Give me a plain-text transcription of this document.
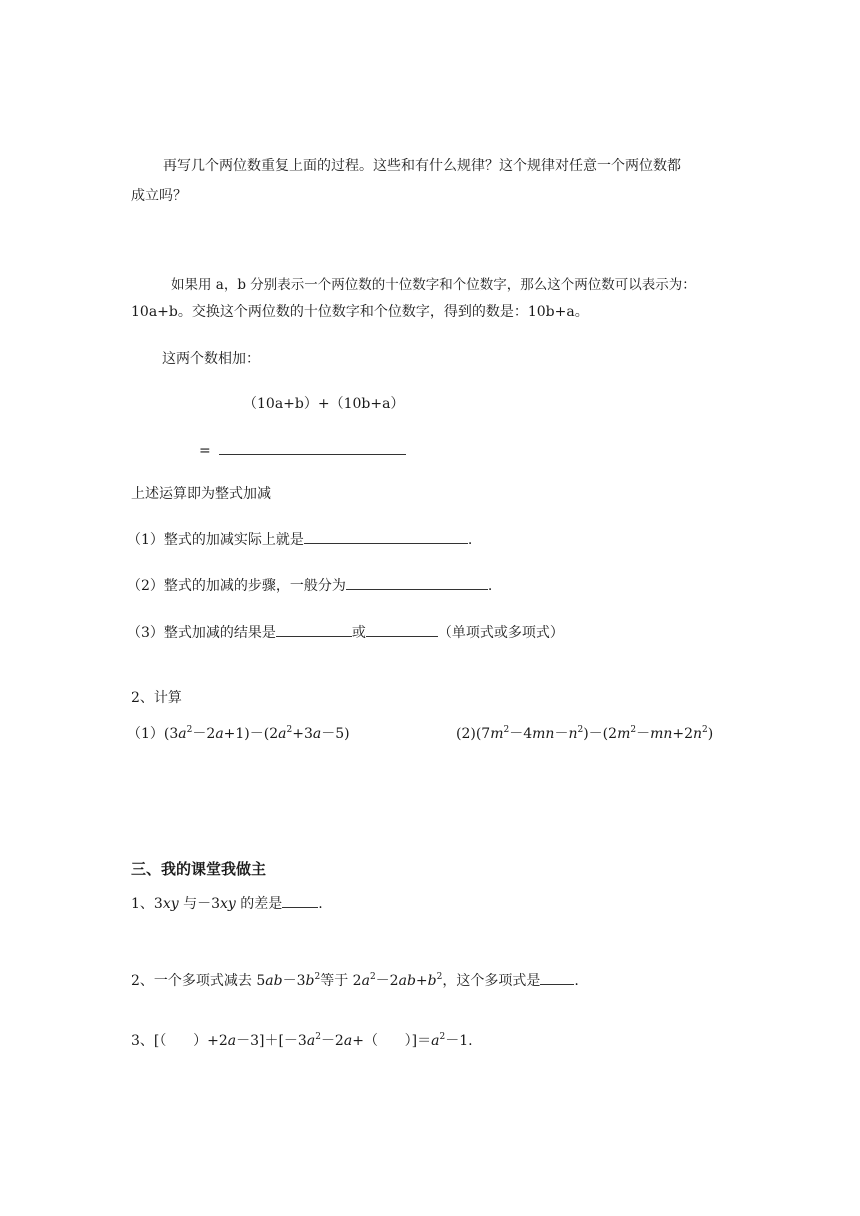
再写几个两位数重复上面的过程。这些和有什么规律？这个规律对任意一个两位数都
成立吗？
如果用 a，b 分别表示一个两位数的十位数字和个位数字，那么这个两位数可以表示为：
10a+b。交换这个两位数的十位数字和个位数字，得到的数是：10b+a。
这两个数相加：
（10a+b）+（10b+a）
=
上述运算即为整式加减
（1）整式的加减实际上就是	.
（2）整式的加减的步骤，一般分为	.
（3）整式加减的结果是	或	（单项式或多项式）
2、计算
$(1)(3a^2-2a+1)-(2a^2+3a-5)$	$(2)(7m^2-4mn-n^2)-(2m^2-mn+2n^2)$
三、我的课堂我做主
1、3xy 与－3xy 的差是	.
2、一个多项式减去 $5ab-3b^2$等于 $2a^2-2ab+b^2$，这个多项式是 .
3、[（      ）$+2a-3]+[-3a^2-2a+$（      ）]$=a^2-1$.
